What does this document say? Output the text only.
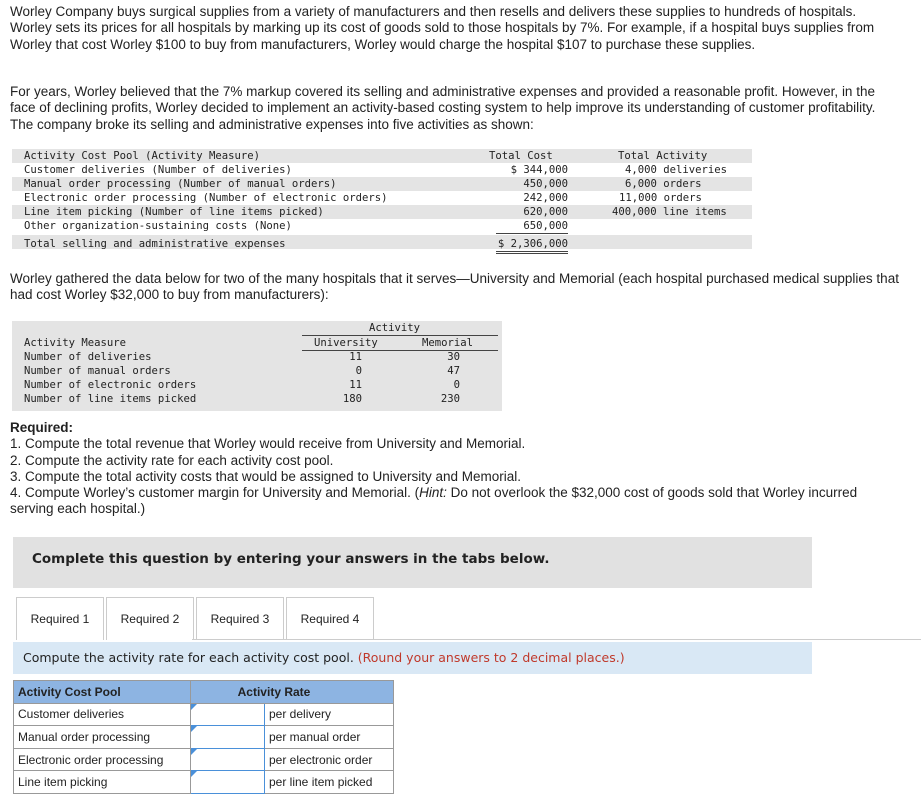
Worley Company buys surgical supplies from a variety of manufacturers and then resells and delivers these supplies to hundreds of hospitals. Worley sets its prices for all hospitals by marking up its cost of goods sold to those hospitals by 7%. For example, if a hospital buys supplies from Worley that cost Worley $100 to buy from manufacturers, Worley would charge the hospital $107 to purchase these supplies.

For years, Worley believed that the 7% markup covered its selling and administrative expenses and provided a reasonable profit. However, in the face of declining profits, Worley decided to implement an activity-based costing system to help improve its understanding of customer profitability. The company broke its selling and administrative expenses into five activities as shown:

Activity Cost Pool (Activity Measure)	Total Cost	Total Activity
Customer deliveries (Number of deliveries)	$ 344,000	4,000 deliveries
Manual order processing (Number of manual orders)	450,000	6,000 orders
Electronic order processing (Number of electronic orders)	242,000	11,000 orders
Line item picking (Number of line items picked)	620,000	400,000 line items
Other organization-sustaining costs (None)	650,000
Total selling and administrative expenses	$ 2,306,000

Worley gathered the data below for two of the many hospitals that it serves—University and Memorial (each hospital purchased medical supplies that had cost Worley $32,000 to buy from manufacturers):

Activity
Activity Measure	University	Memorial
Number of deliveries	11	30
Number of manual orders	0	47
Number of electronic orders	11	0
Number of line items picked	180	230
Required:
1. Compute the total revenue that Worley would receive from University and Memorial.
2. Compute the activity rate for each activity cost pool.
3. Compute the total activity costs that would be assigned to University and Memorial.
4. Compute Worley’s customer margin for University and Memorial. (Hint: Do not overlook the $32,000 cost of goods sold that Worley incurred serving each hospital.)
Complete this question by entering your answers in the tabs below.
Required 1	Required 2	Required 3	Required 4
Compute the activity rate for each activity cost pool. (Round your answers to 2 decimal places.)
Activity Cost Pool	Activity Rate	
Customer deliveries		per delivery
Manual order processing		per manual order
Electronic order processing		per electronic order
Line item picking		per line item picked
